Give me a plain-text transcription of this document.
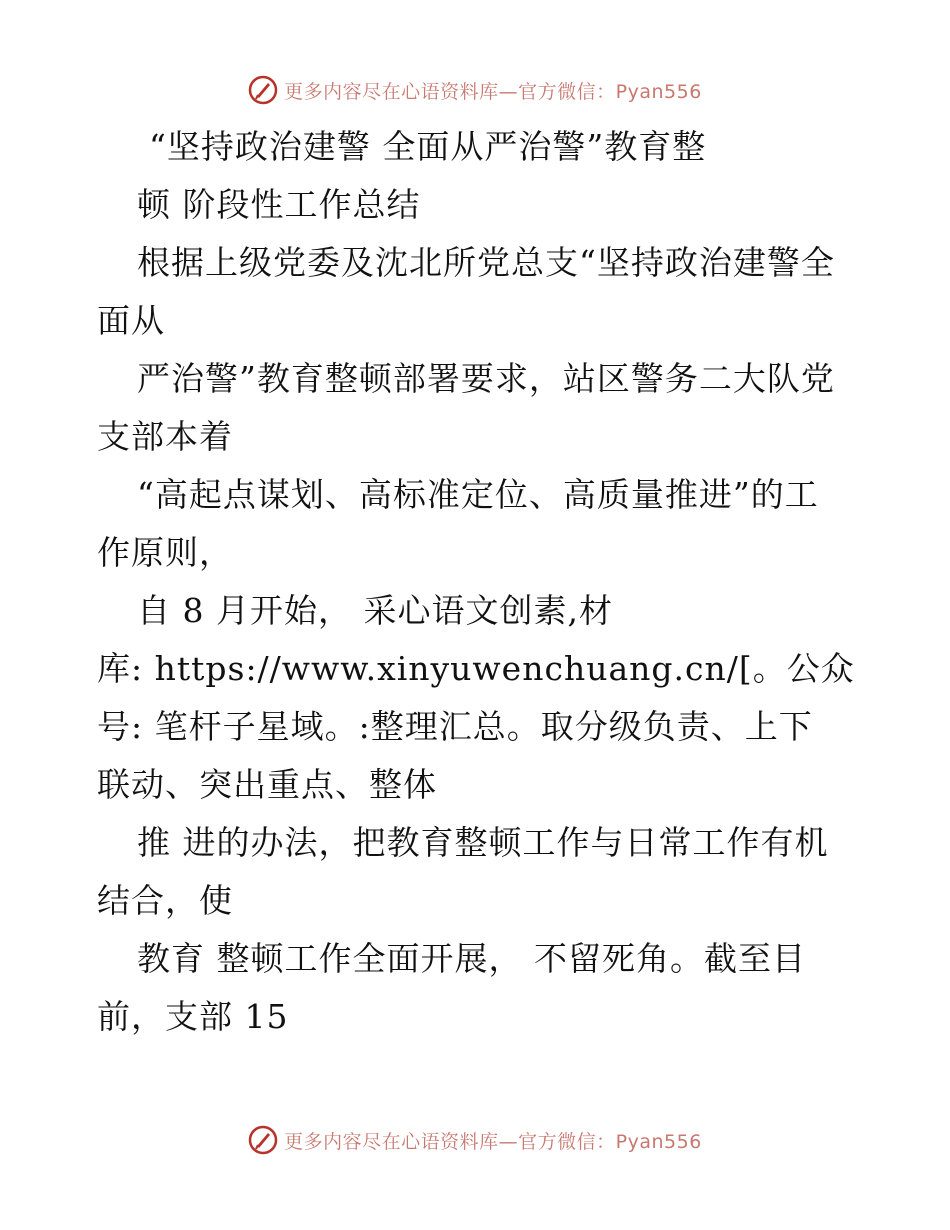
更多内容尽在心语资料库—官方微信：Pyan556
“坚持政治建警 全面从严治警”教育整
顿 阶段性工作总结
根据上级党委及沈北所党总支“坚持政治建警全
面从
严治警”教育整顿部署要求，站区警务二大队党
支部本着
“高起点谋划、高标准定位、高质量推进”的工
作原则，
自 8 月开始， 采心语文创素,材
库: https://www.xinyuwenchuang.cn/[。公众
号: 笔杆子星域。:整理汇总。取分级负责、上下
联动、突出重点、整体
推 进的办法，把教育整顿工作与日常工作有机
结合，使
教育 整顿工作全面开展， 不留死角。截至目
前，支部 15
更多内容尽在心语资料库—官方微信：Pyan556
